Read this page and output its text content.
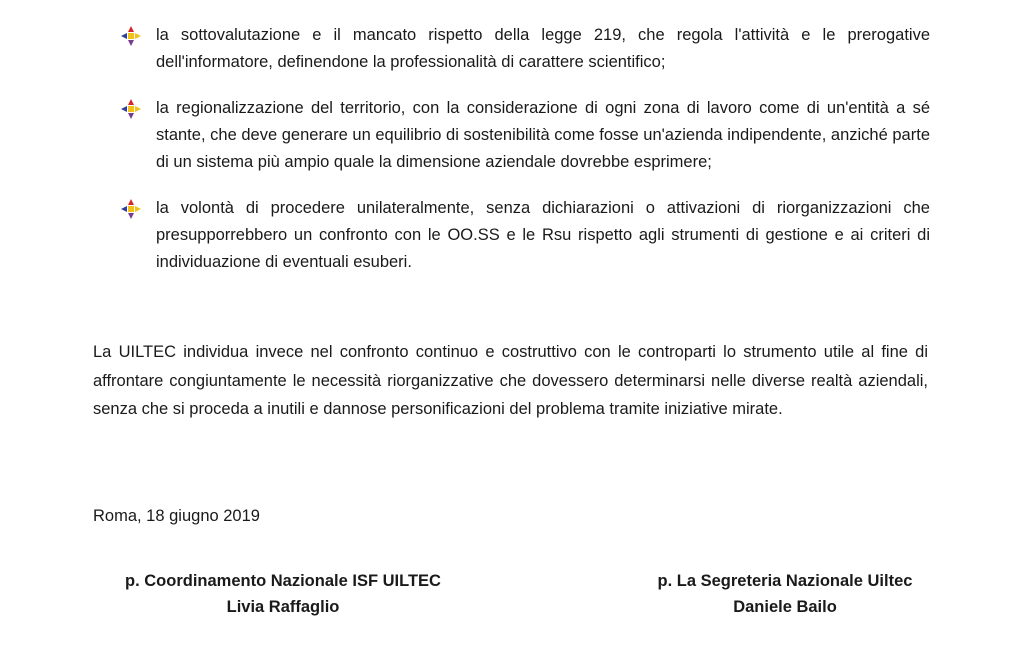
la sottovalutazione e il mancato rispetto della legge 219, che regola l'attività e le prerogative dell'informatore, definendone la professionalità di carattere scientifico;
la regionalizzazione del territorio, con la considerazione di ogni zona di lavoro come di un'entità a sé stante, che deve generare un equilibrio di sostenibilità come fosse un'azienda indipendente, anziché parte di un sistema più ampio quale la dimensione aziendale dovrebbe esprimere;
la volontà di procedere unilateralmente, senza dichiarazioni o attivazioni di riorganizzazioni che presupporrebbero un confronto con le OO.SS e le Rsu rispetto agli strumenti di gestione e ai criteri di individuazione di eventuali esuberi.

La UILTEC individua invece nel confronto continuo e costruttivo con le controparti lo strumento utile al fine di affrontare congiuntamente le necessità riorganizzative che dovessero determinarsi nelle diverse realtà aziendali, senza che si proceda a inutili e dannose personificazioni del problema tramite iniziative mirate.

Roma, 18 giugno 2019

p. Coordinamento Nazionale ISF UILTEC
Livia Raffaglio
p. La Segreteria Nazionale Uiltec
Daniele Bailo
